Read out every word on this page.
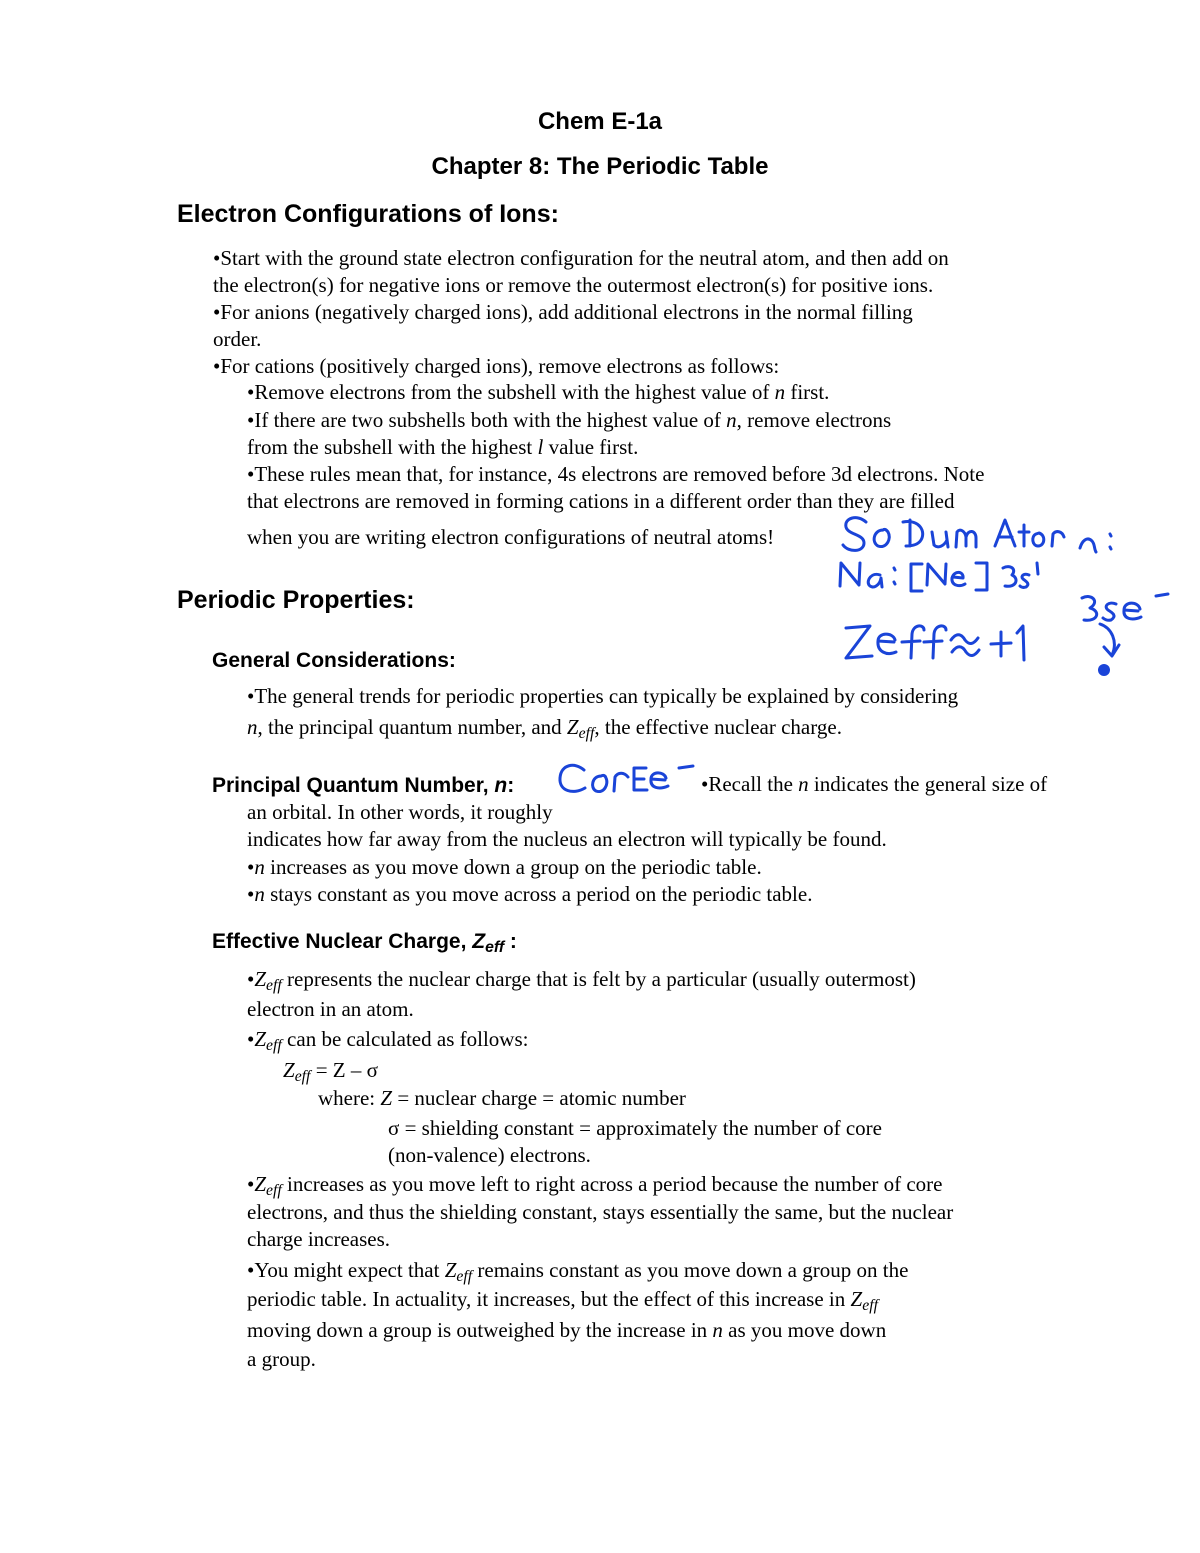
Chem E-1a
Chapter 8: The Periodic Table
Electron Configurations of Ions:
•Start with the ground state electron configuration for the neutral atom, and then add on
the electron(s) for negative ions or remove the outermost electron(s) for positive ions.
•For anions (negatively charged ions), add additional electrons in the normal filling
order.
•For cations (positively charged ions), remove electrons as follows:
•Remove electrons from the subshell with the highest value of n first.
•If there are two subshells both with the highest value of n, remove electrons
from the subshell with the highest l value first.
•These rules mean that, for instance, 4s electrons are removed before 3d electrons. Note
that electrons are removed in forming cations in a different order than they are filled
when you are writing electron configurations of neutral atoms!
Periodic Properties:
General Considerations:
•The general trends for periodic properties can typically be explained by considering
n, the principal quantum number, and $Z_{eff}$, the effective nuclear charge.
Principal Quantum Number, n:	•Recall the n indicates the general size of
an orbital. In other words, it roughly
indicates how far away from the nucleus an electron will typically be found.
•n increases as you move down a group on the periodic table.
•n stays constant as you move across a period on the periodic table.
Effective Nuclear Charge, $Z_{eff}$ :
$•Z_{eff}$ represents the nuclear charge that is felt by a particular (usually outermost)
electron in an atom.
$•Z_{eff}$ can be calculated as follows:
$Z_{eff} = Z - \sigma$
where: Z = nuclear charge = atomic number
σ = shielding constant = approximately the number of core
(non-valence) electrons.
$•Z_{eff}$ increases as you move left to right across a period because the number of core
electrons, and thus the shielding constant, stays essentially the same, but the nuclear
charge increases.
•You might expect that $Z_{eff}$ remains constant as you move down a group on the
periodic table. In actuality, it increases, but the effect of this increase in $Z_{eff}$
moving down a group is outweighed by the increase in n as you move down
a group.
